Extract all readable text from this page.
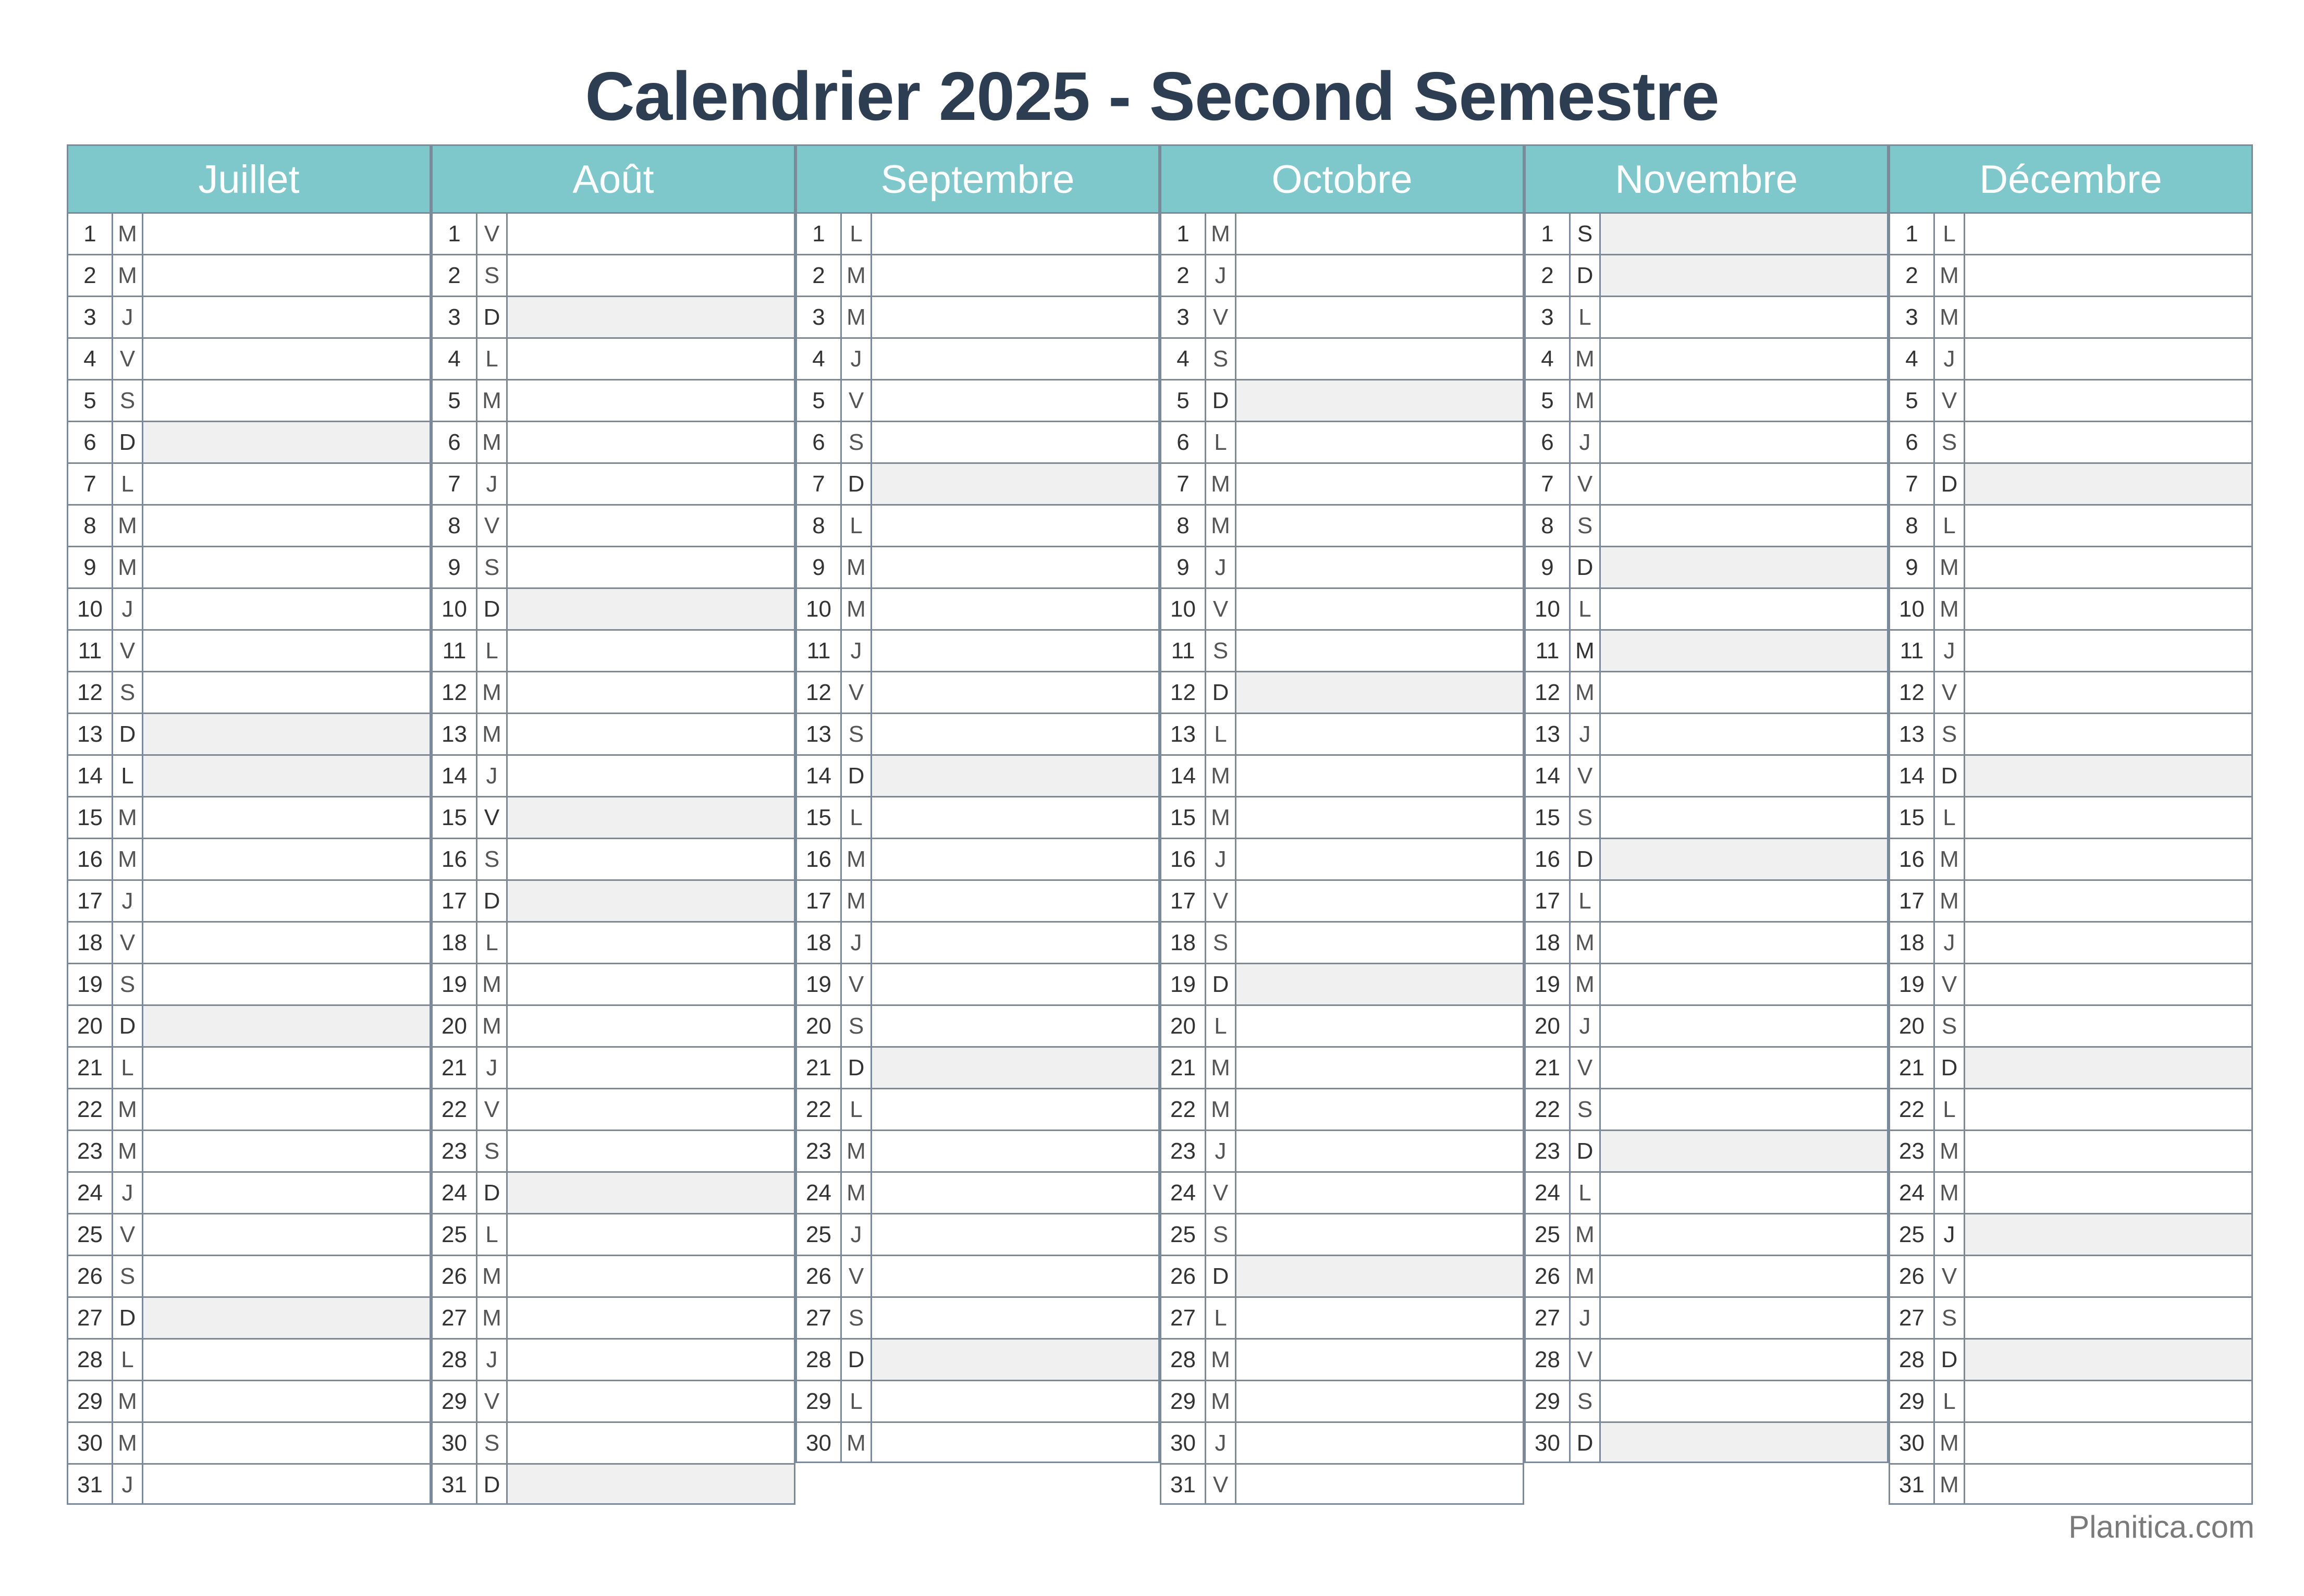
Calendrier 2025 - Second Semestre
Juillet
1 M
2 M
3	J
4	V
5	S
6 D
7	L
8 M
9 M
10 J
11 V
12 S
13 D
14 L
15 M
16 M
17 J
18 V
19 S
20 D
21 L
22 M
23 M
24 J
25 V
26 S
27 D
28 L
29 M
30 M
31 J
Août
1	V
2	S
3 D
4	L
5 M
6 M
7	J
8	V
9	S
10 D
11 L
12 M
13 M
14 J
15 V
16 S
17 D
18 L
19 M
20 M
21 J
22 V
23 S
24 D
25 L
26 M
27 M
28 J
29 V
30 S
31 D
Septembre
1	L
2 M
3 M
4	J
5	V
6	S
7 D
8	L
9 M
10 M
11 J
12 V
13 S
14 D
15 L
16 M
17 M
18 J
19 V
20 S
21 D
22 L
23 M
24 M
25 J
26 V
27 S
28 D
29 L
30 M
Octobre
1 M
2	J
3	V
4	S
5 D
6	L
7 M
8 M
9	J
10 V
11 S
12 D
13 L
14 M
15 M
16 J
17 V
18 S
19 D
20 L
21 M
22 M
23 J
24 V
25 S
26 D
27 L
28 M
29 M
30 J
31 V
Novembre
1	S
2 D
3	L
4 M
5 M
6	J
7	V
8	S
9 D
10 L
11 M
12 M
13 J
14 V
15 S
16 D
17 L
18 M
19 M
20 J
21 V
22 S
23 D
24 L
25 M
26 M
27 J
28 V
29 S
30 D
Décembre
1	L
2 M
3 M
4	J
5	V
6	S
7 D
8	L
9 M
10 M
11 J
12 V
13 S
14 D
15 L
16 M
17 M
18 J
19 V
20 S
21 D
22 L
23 M
24 M
25 J
26 V
27 S
28 D
29 L
30 M
31 M
Planitica.com
